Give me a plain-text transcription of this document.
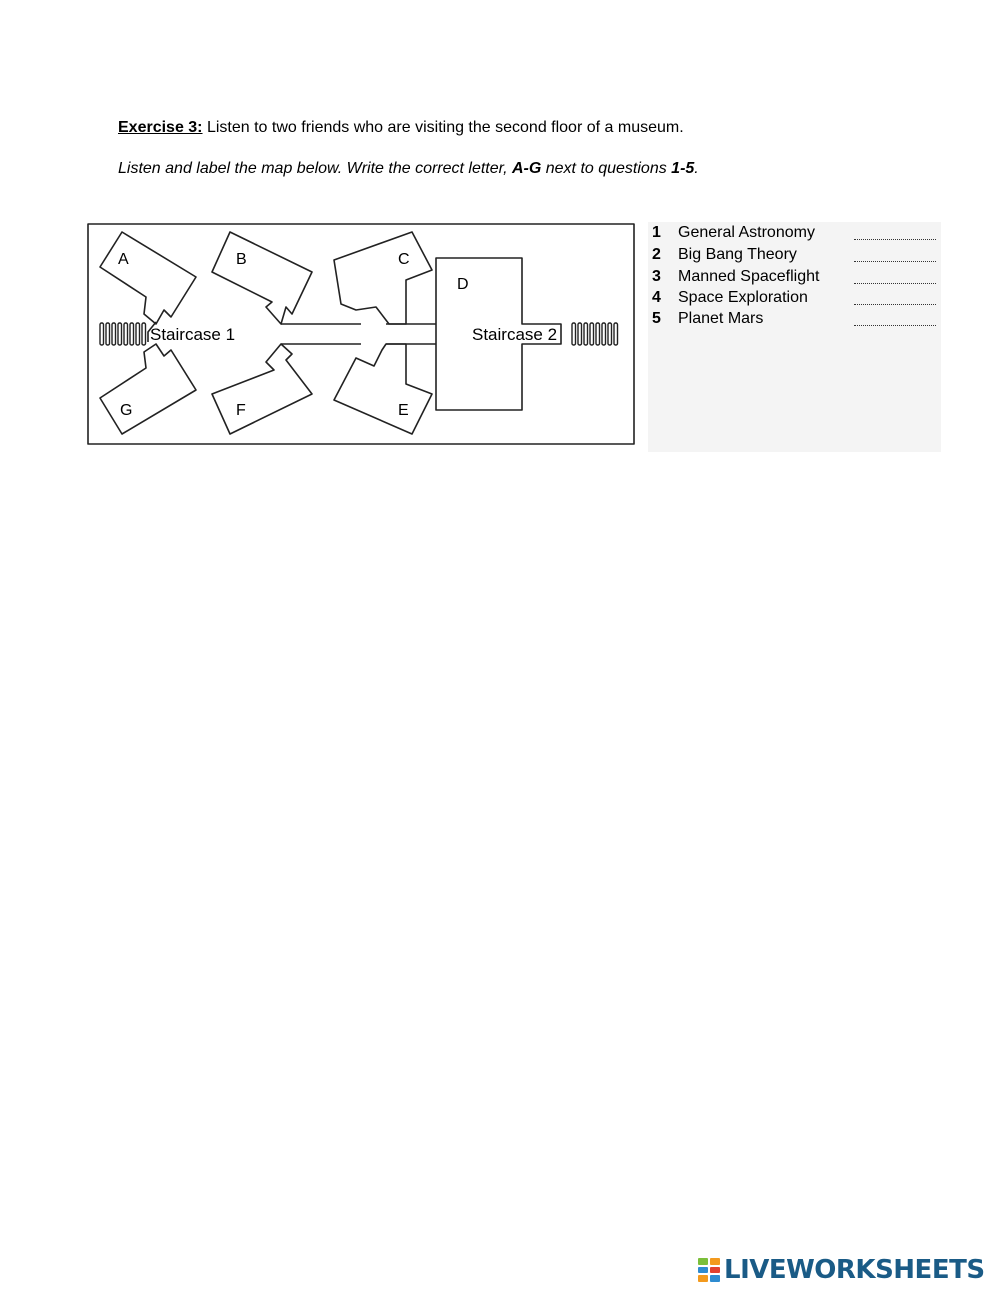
Exercise 3: Listen to two friends who are visiting the second floor of a museum.
Listen and label the map below. Write the correct letter, A-G next to questions 1-5.
A	B	C
D
E
F
G
Staircase 1	Staircase 2
1 General Astronomy
2 Big Bang Theory
3 Manned Spaceflight
4 Space Exploration
5 Planet Mars
LIVEWORKSHEETS
